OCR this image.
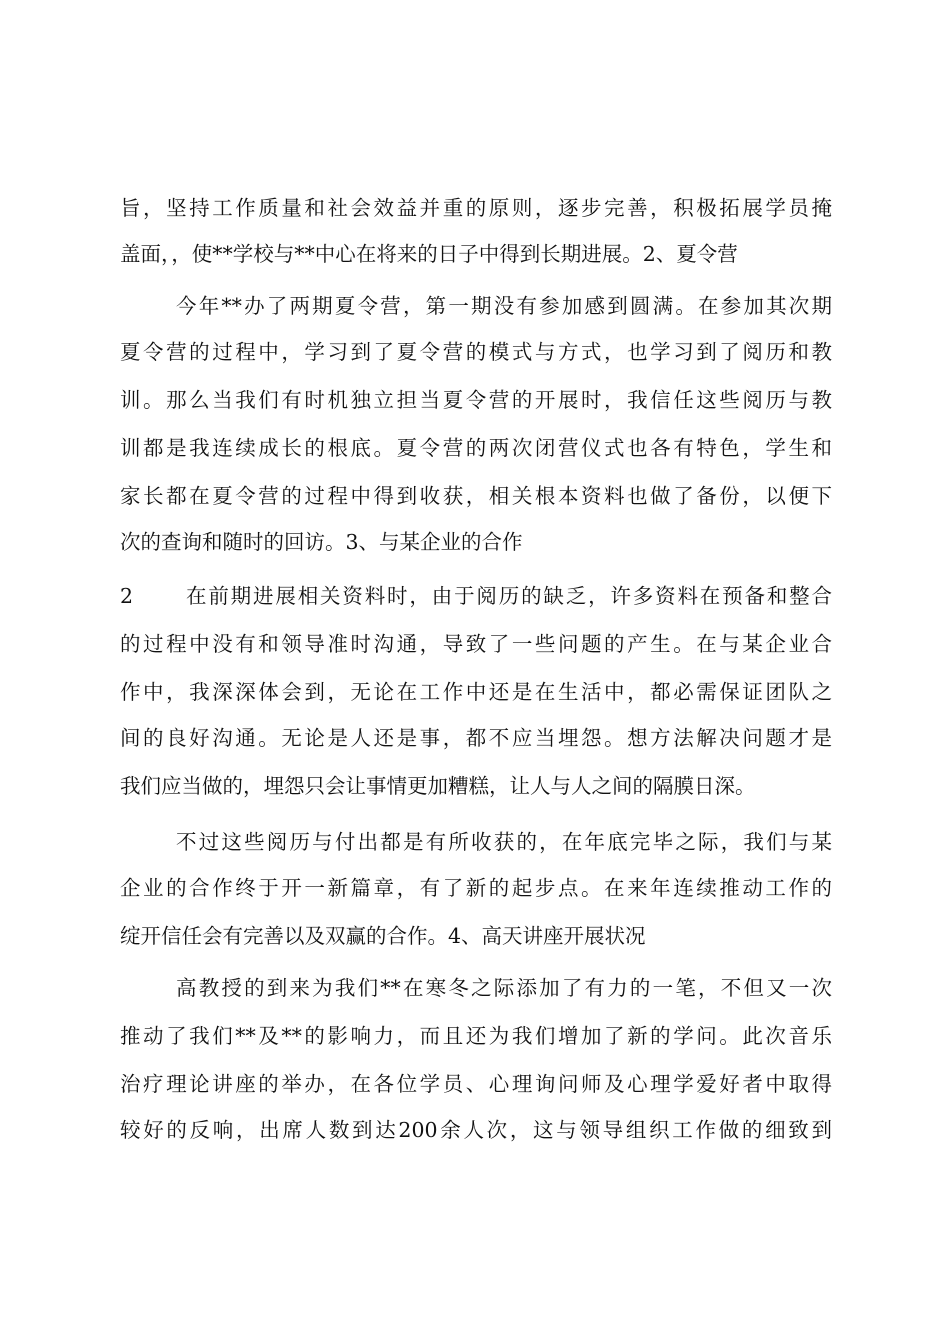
旨，坚持工作质量和社会效益并重的原则，逐步完善，积极拓展学员掩
盖面，，使**学校与**中心在将来的日子中得到长期进展。2、夏令营
今年**办了两期夏令营，第一期没有参加感到圆满。在参加其次期
夏令营的过程中，学习到了夏令营的模式与方式，也学习到了阅历和教
训。那么当我们有时机独立担当夏令营的开展时，我信任这些阅历与教
训都是我连续成长的根底。夏令营的两次闭营仪式也各有特色，学生和
家长都在夏令营的过程中得到收获，相关根本资料也做了备份，以便下
次的查询和随时的回访。3、与某企业的合作
2	在前期进展相关资料时，由于阅历的缺乏，许多资料在预备和整合
的过程中没有和领导准时沟通，导致了一些问题的产生。在与某企业合
作中，我深深体会到，无论在工作中还是在生活中，都必需保证团队之
间的良好沟通。无论是人还是事，都不应当埋怨。想方法解决问题才是
我们应当做的，埋怨只会让事情更加糟糕，让人与人之间的隔膜日深。
不过这些阅历与付出都是有所收获的，在年底完毕之际，我们与某
企业的合作终于开一新篇章，有了新的起步点。在来年连续推动工作的
绽开信任会有完善以及双赢的合作。4、高天讲座开展状况
高教授的到来为我们**在寒冬之际添加了有力的一笔，不但又一次
推动了我们**及**的影响力，而且还为我们增加了新的学问。此次音乐
治疗理论讲座的举办，在各位学员、心理询问师及心理学爱好者中取得
较好的反响，出席人数到达200余人次，这与领导组织工作做的细致到
